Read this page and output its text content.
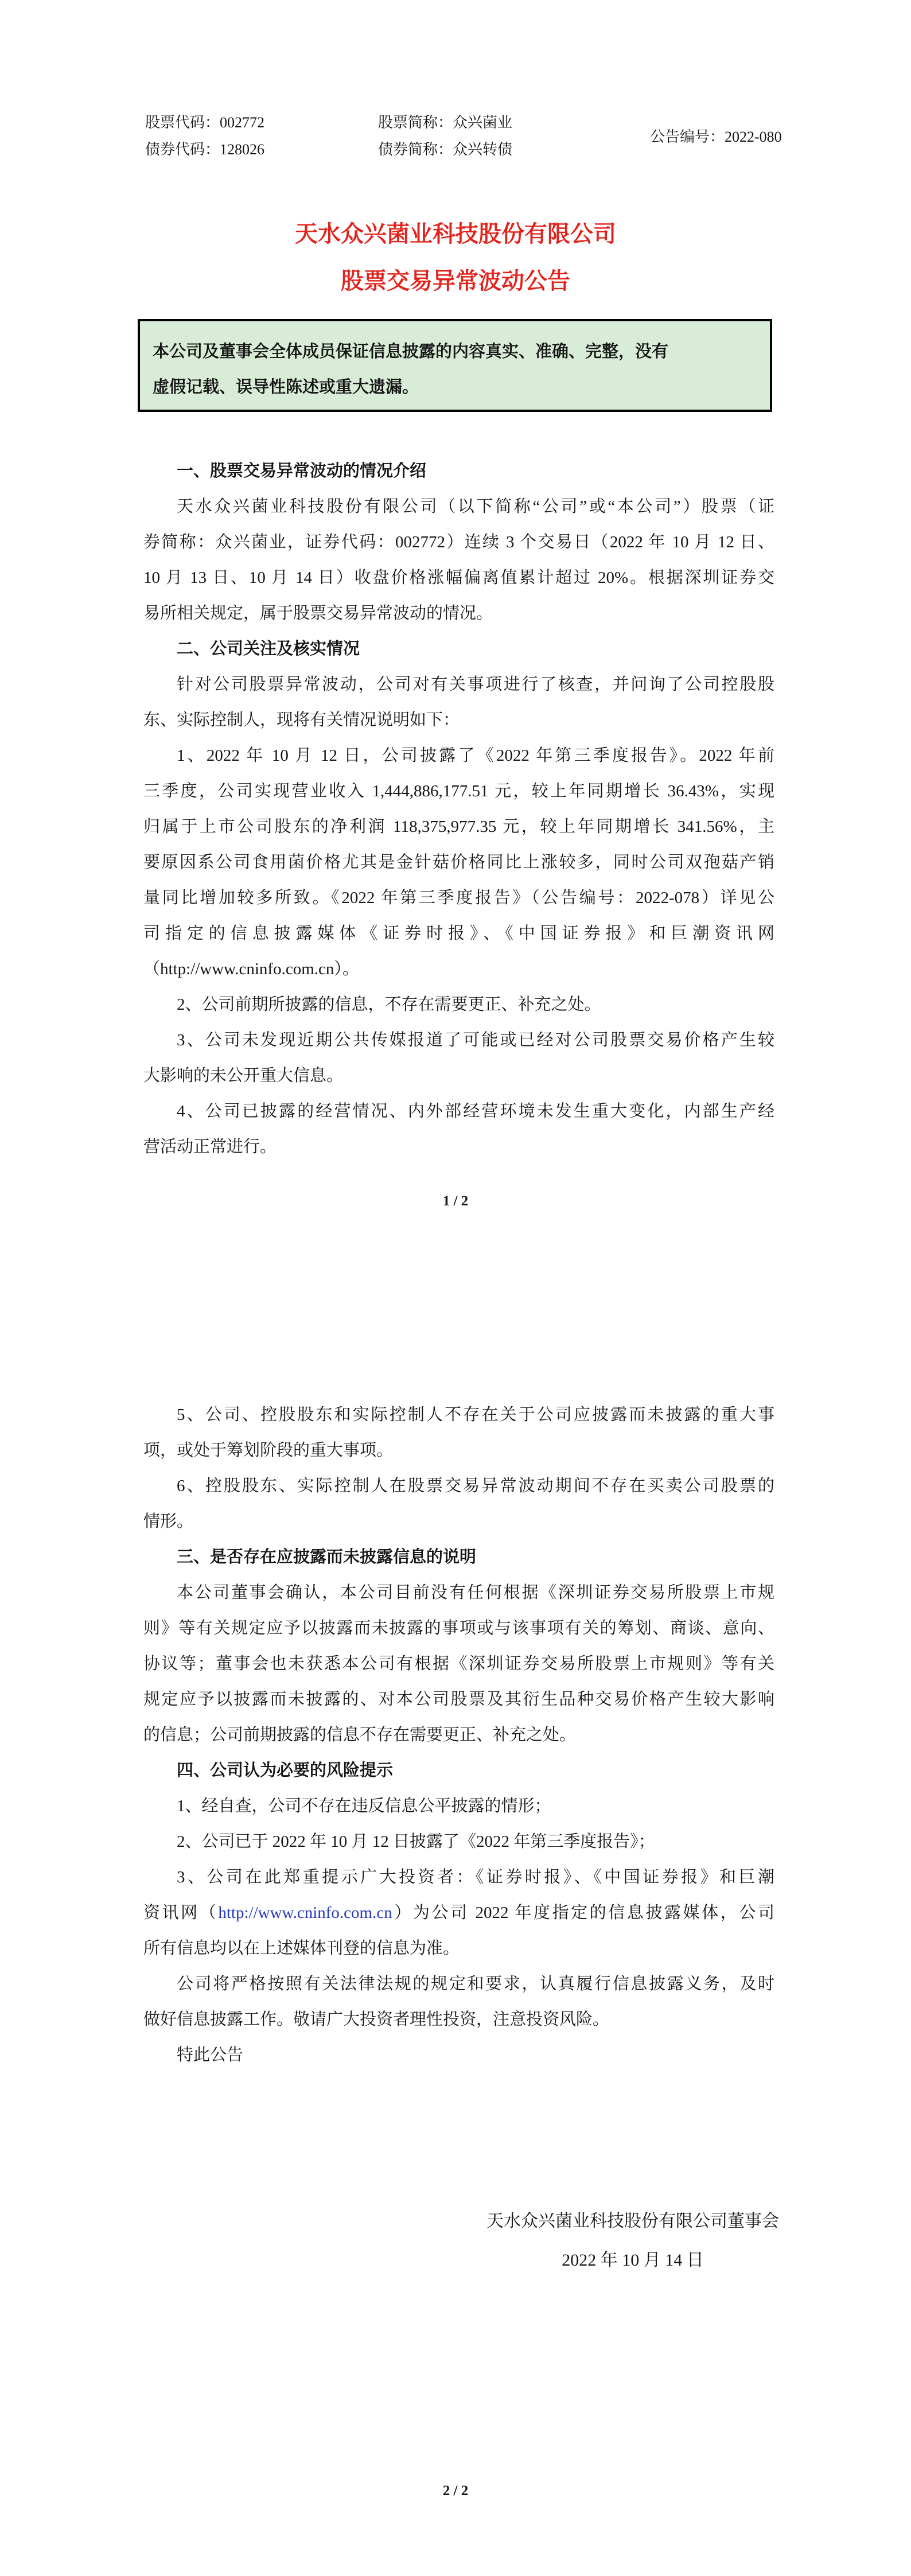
股票代码：002772
债券代码：128026
股票简称：众兴菌业
债券简称：众兴转债
公告编号：2022-080
天水众兴菌业科技股份有限公司
股票交易异常波动公告
本公司及董事会全体成员保证信息披露的内容真实、准确、完整，没有
虚假记载、误导性陈述或重大遗漏。
一、股票交易异常波动的情况介绍
天水众兴菌业科技股份有限公司（以下简称“公司”或“本公司”）股票（证
券简称：众兴菌业，证券代码：002772）连续 3 个交易日（2022 年 10 月 12 日、
10 月 13 日、10 月 14 日）收盘价格涨幅偏离值累计超过 20%。根据深圳证券交
易所相关规定，属于股票交易异常波动的情况。
二、公司关注及核实情况
针对公司股票异常波动，公司对有关事项进行了核查，并问询了公司控股股
东、实际控制人，现将有关情况说明如下：
1、2022 年 10 月 12 日，公司披露了《2022 年第三季度报告》。2022 年前
三季度，公司实现营业收入 1,444,886,177.51 元，较上年同期增长 36.43%，实现
归属于上市公司股东的净利润 118,375,977.35 元，较上年同期增长 341.56%，主
要原因系公司食用菌价格尤其是金针菇价格同比上涨较多，同时公司双孢菇产销
量同比增加较多所致。《2022 年第三季度报告》（公告编号：2022-078）详见公
司指定的信息披露媒体《证券时报》、《中国证券报》和巨潮资讯网
（http://www.cninfo.com.cn）。
2、公司前期所披露的信息，不存在需要更正、补充之处。
3、公司未发现近期公共传媒报道了可能或已经对公司股票交易价格产生较
大影响的未公开重大信息。
4、公司已披露的经营情况、内外部经营环境未发生重大变化，内部生产经
营活动正常进行。
1 / 2
5、公司、控股股东和实际控制人不存在关于公司应披露而未披露的重大事
项，或处于筹划阶段的重大事项。
6、控股股东、实际控制人在股票交易异常波动期间不存在买卖公司股票的
情形。
三、是否存在应披露而未披露信息的说明
本公司董事会确认，本公司目前没有任何根据《深圳证券交易所股票上市规
则》等有关规定应予以披露而未披露的事项或与该事项有关的筹划、商谈、意向、
协议等；董事会也未获悉本公司有根据《深圳证券交易所股票上市规则》等有关
规定应予以披露而未披露的、对本公司股票及其衍生品种交易价格产生较大影响
的信息；公司前期披露的信息不存在需要更正、补充之处。
四、公司认为必要的风险提示
1、经自查，公司不存在违反信息公平披露的情形；
2、公司已于 2022 年 10 月 12 日披露了《2022 年第三季度报告》；
3、公司在此郑重提示广大投资者：《证券时报》、《中国证券报》和巨潮
资讯网（http://www.cninfo.com.cn）为公司 2022 年度指定的信息披露媒体，公司
所有信息均以在上述媒体刊登的信息为准。
公司将严格按照有关法律法规的规定和要求，认真履行信息披露义务，及时
做好信息披露工作。敬请广大投资者理性投资，注意投资风险。
特此公告
天水众兴菌业科技股份有限公司董事会
2022 年 10 月 14 日
2 / 2
